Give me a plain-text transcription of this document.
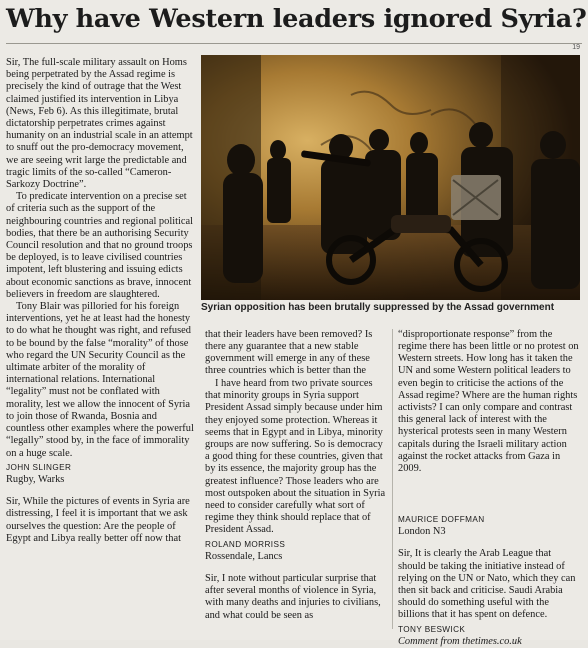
Why have Western leaders ignored Syria?
19

Sir, The full-scale military assault on Homs being perpetrated by the Assad regime is precisely the kind of outrage that the West claimed justified its intervention in Libya (News, Feb 6). As this illegitimate, brutal dictatorship perpetrates crimes against humanity on an industrial scale in an attempt to snuff out the pro-democracy movement, we are seeing writ large the predictable and tragic limits of the so-called “Cameron-Sarkozy Doctrine”.

To predicate intervention on a precise set of criteria such as the support of the neighbouring countries and regional political bodies, that there be an authorising Security Council resolution and that no ground troops be deployed, is to leave civilised countries impotent, left blustering and issuing edicts about economic sanctions as brave, innocent believers in freedom are slaughtered.

Tony Blair was pilloried for his foreign interventions, yet he at least had the honesty to do what he thought was right, and refused to be bound by the false “morality” of those who regard the UN Security Council as the ultimate arbiter of the morality of international relations. International “legality” must not be conflated with morality, lest we allow the innocent of Syria to join those of Rwanda, Bosnia and countless other examples where the powerful “legally” stood by, in the face of immorality on a huge scale.

JOHN SLINGER
Rugby, Warks

Sir, While the pictures of events in Syria are distressing, I feel it is important that we ask ourselves the question: Are the people of Egypt and Libya really better off now that

Syrian opposition has been brutally suppressed by the Assad government

that their leaders have been removed? Is there any guarantee that a new stable government will emerge in any of these three countries which is better than the

I have heard from two private sources that minority groups in Syria support President Assad simply because under him they enjoyed some protection. Whereas it seems that in Egypt and in Libya, minority groups are now suffering. So is democracy a good thing for these countries, given that by its essence, the majority group has the greatest influence? Those leaders who are most outspoken about the situation in Syria need to consider carefully what sort of regime they think should replace that of President Assad.

ROLAND MORRISS
Rossendale, Lancs

Sir, I note without particular surprise that after several months of violence in Syria, with many deaths and injuries to civilians, and what could be seen as

“disproportionate response” from the regime there has been little or no protest on Western streets. How long has it taken the UN and some Western political leaders to even begin to criticise the actions of the Assad regime? Where are the human rights activists? I can only compare and contrast this general lack of interest with the hysterical protests seen in many Western capitals during the Israeli military action against the rocket attacks from Gaza in 2009.

MAURICE DOFFMAN
London N3

Sir, It is clearly the Arab League that should be taking the initiative instead of relying on the UN or Nato, which they can then sit back and criticise. Saudi Arabia should do something useful with the billions that it has spent on defence.

TONY BESWICK
Comment from thetimes.co.uk
